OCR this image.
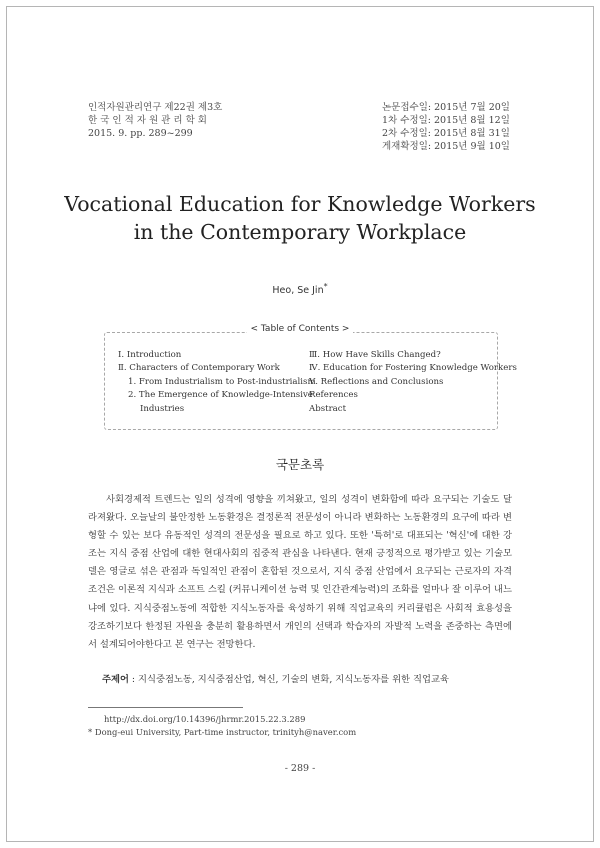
인적자원관리연구 제22권 제3호
한 국 인 적 자 원 관 리 학 회
2015. 9. pp. 289~299
논문접수일: 2015년 7월 20일
1차 수정일: 2015년 8월 12일
2차 수정일: 2015년 8월 31일
게재확정일: 2015년 9월 10일
Vocational Education for Knowledge Workers
in the Contemporary Workplace
Heo, Se Jin*
< Table of Contents >
Ⅰ. Introduction
Ⅱ. Characters of Contemporary Work
1. From Industrialism to Post-industrialism
2. The Emergence of Knowledge-Intensive
Industries
Ⅲ. How Have Skills Changed?
Ⅳ. Education for Fostering Knowledge Workers
Ⅴ. Reflections and Conclusions
References
Abstract
국문초록
사회경제적 트렌드는 일의 성격에 영향을 끼쳐왔고, 일의 성격이 변화함에 따라 요구되는 기술도 달라져왔다. 오늘날의 불안정한 노동환경은 결정론적 전문성이 아니라 변화하는 노동환경의 요구에 따라 변형할 수 있는 보다 유동적인 성격의 전문성을 필요로 하고 있다. 또한 '특허'로 대표되는 '혁신'에 대한 강조는 지식 중점 산업에 대한 현대사회의 집중적 관심을 나타낸다. 현재 긍정적으로 평가받고 있는 기술모델은 영글로 섞은 관점과 독일적인 관점이 혼합된 것으로서, 지식 중점 산업에서 요구되는 근로자의 자격조건은 이론적 지식과 소프트 스킬 (커뮤니케이션 능력 및 인간관계능력)의 조화를 얼마나 잘 이루어 내느냐에 있다. 지식중점노동에 적합한 지식노동자를 육성하기 위해 직업교육의 커리큘럼은 사회적 효용성을 강조하기보다 한정된 자원을 충분히 활용하면서 개인의 선택과 학습자의 자발적 노력을 존중하는 측면에서 설계되어야한다고 본 연구는 전망한다.
주제어 : 지식중점노동, 지식중점산업, 혁신, 기술의 변화, 지식노동자를 위한 직업교육
http://dx.doi.org/10.14396/jhrmr.2015.22.3.289
* Dong-eui University, Part-time instructor, trinityh@naver.com
- 289 -
